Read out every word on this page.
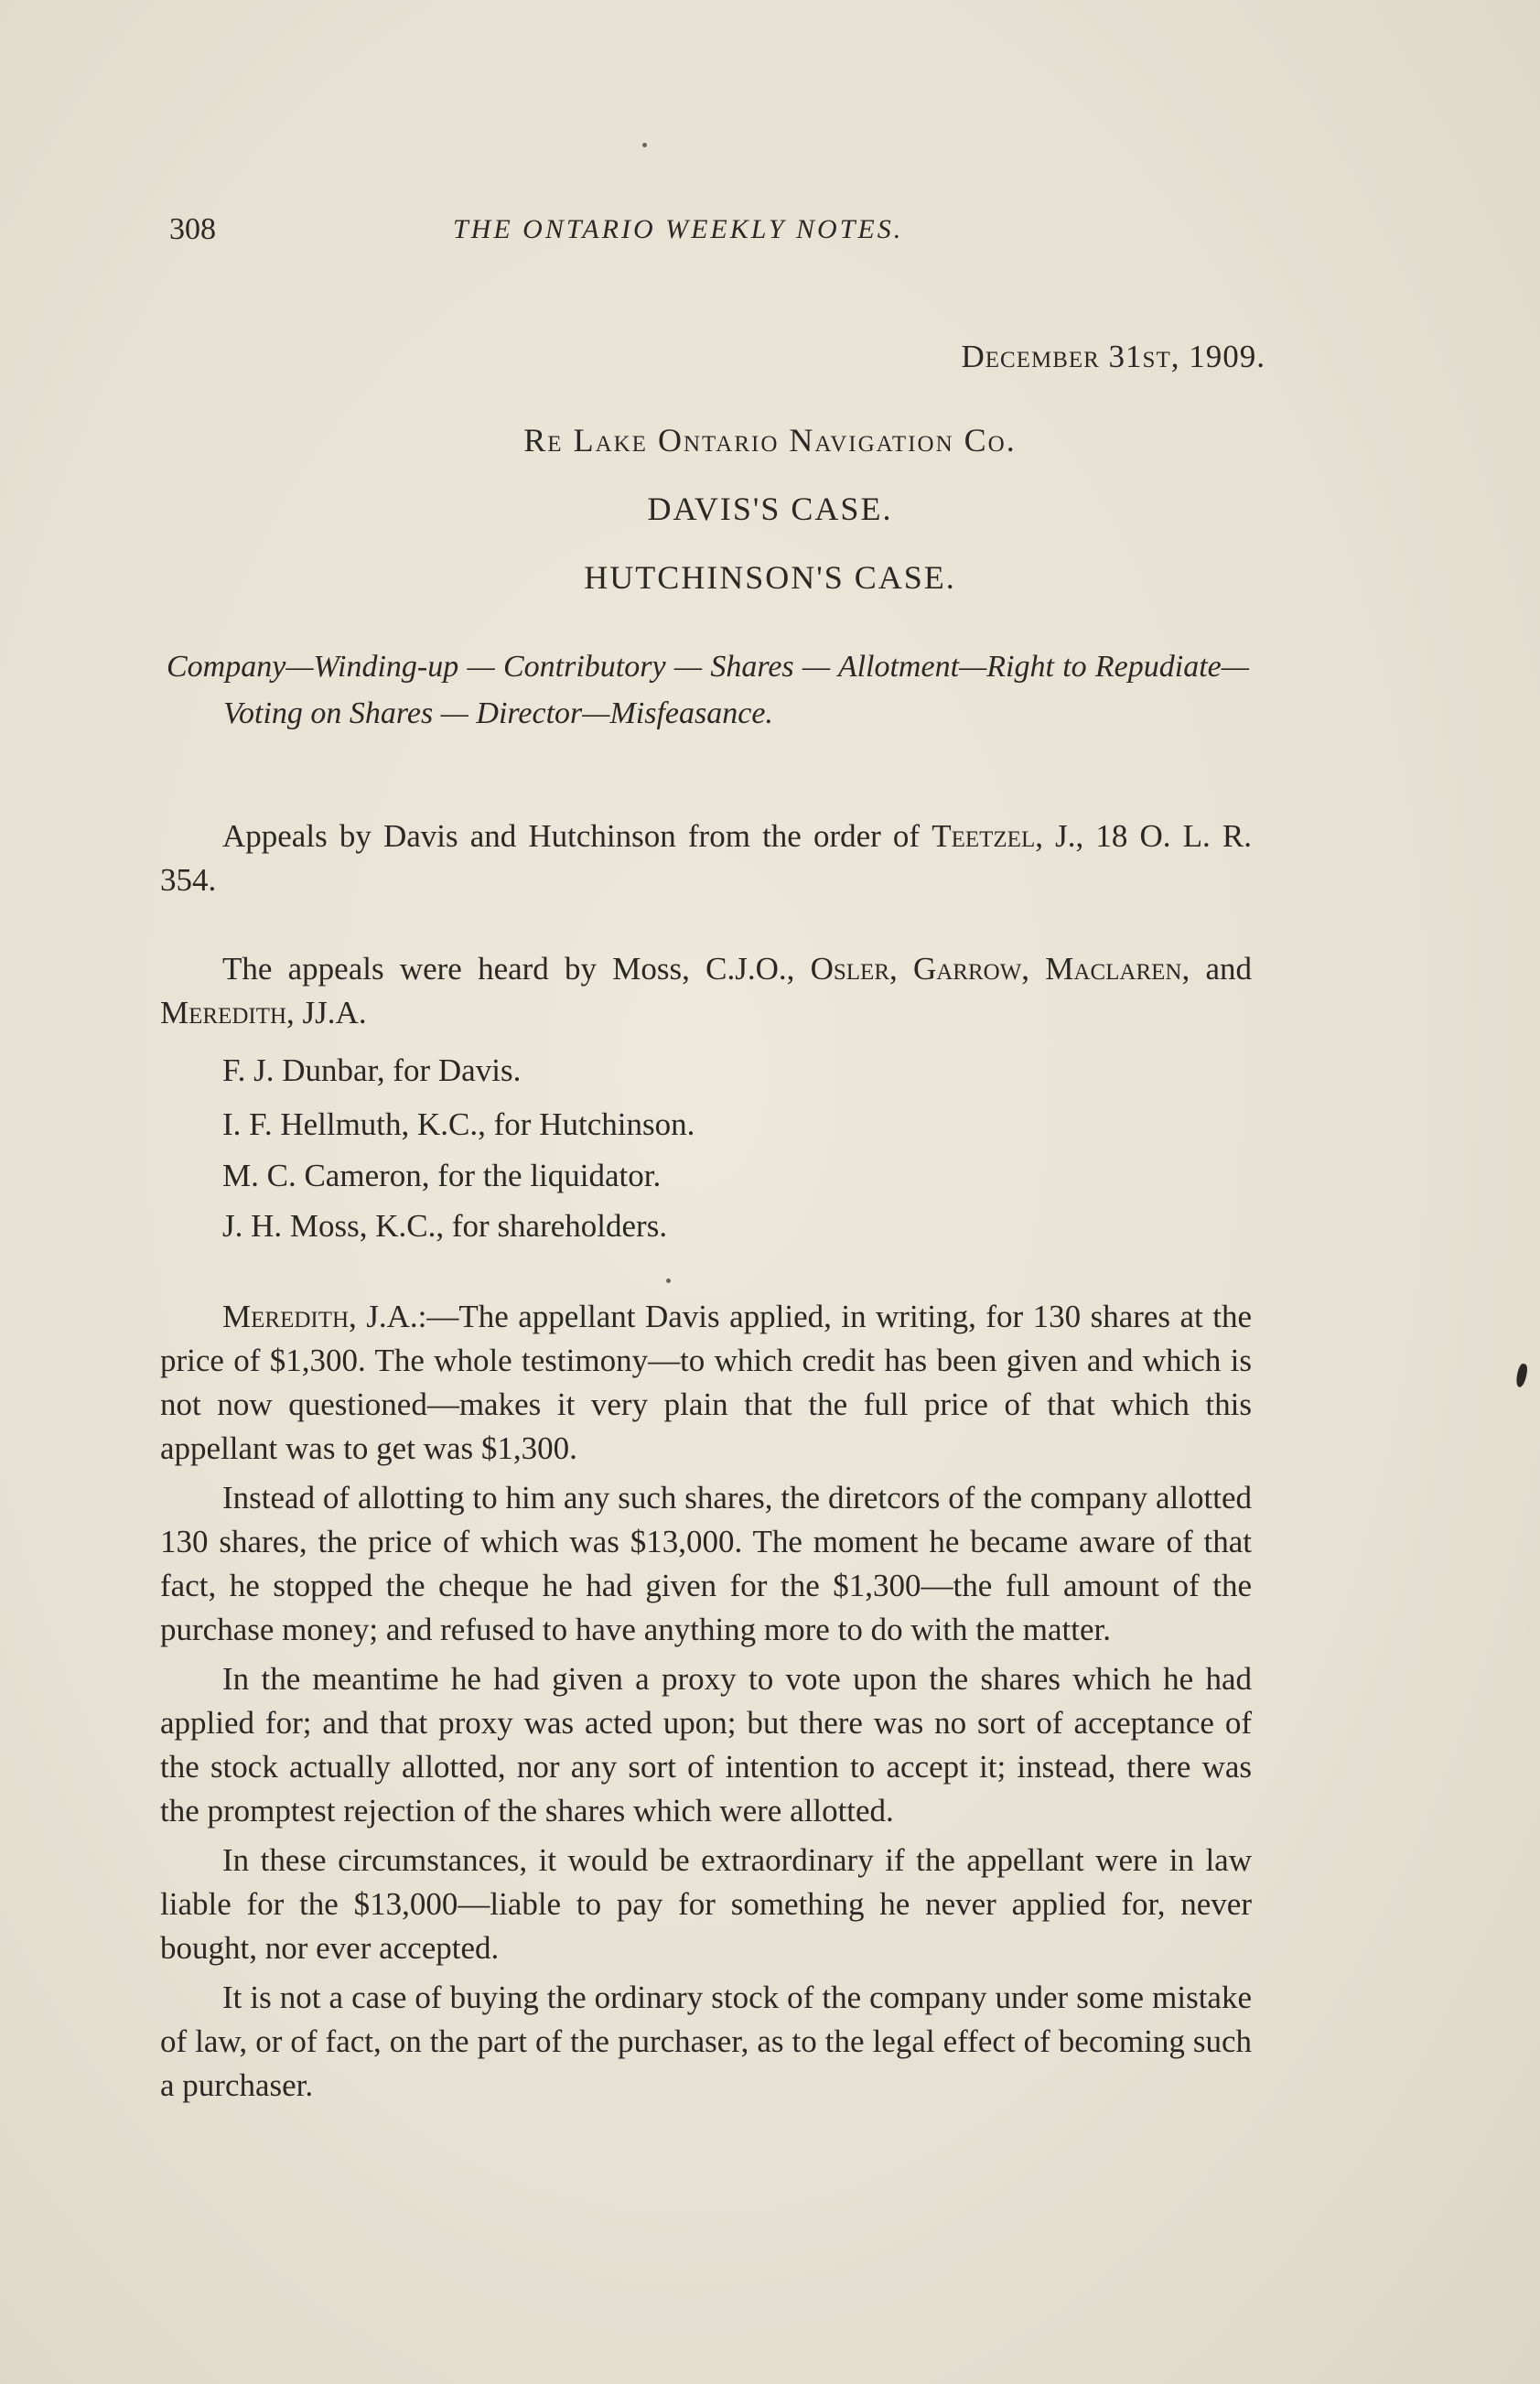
308	THE ONTARIO WEEKLY NOTES.
December 31st, 1909.
Re Lake Ontario Navigation Co.
DAVIS'S CASE.
HUTCHINSON'S CASE.
Company—Winding-up — Contributory — Shares — Allotment—Right to Repudiate—Voting on Shares — Director—Misfeasance.
Appeals by Davis and Hutchinson from the order of Teetzel, J., 18 O. L. R. 354.
The appeals were heard by Moss, C.J.O., Osler, Garrow, Maclaren, and Meredith, JJ.A.
F. J. Dunbar, for Davis.
I. F. Hellmuth, K.C., for Hutchinson.
M. C. Cameron, for the liquidator.
J. H. Moss, K.C., for shareholders.

Meredith, J.A.:—The appellant Davis applied, in writing, for 130 shares at the price of $1,300. The whole testimony—to which credit has been given and which is not now questioned—makes it very plain that the full price of that which this appellant was to get was $1,300.

Instead of allotting to him any such shares, the diretcors of the company allotted 130 shares, the price of which was $13,000. The moment he became aware of that fact, he stopped the cheque he had given for the $1,300—the full amount of the purchase money; and refused to have anything more to do with the matter.

In the meantime he had given a proxy to vote upon the shares which he had applied for; and that proxy was acted upon; but there was no sort of acceptance of the stock actually allotted, nor any sort of intention to accept it; instead, there was the promptest rejection of the shares which were allotted.

In these circumstances, it would be extraordinary if the appellant were in law liable for the $13,000—liable to pay for something he never applied for, never bought, nor ever accepted.

It is not a case of buying the ordinary stock of the company under some mistake of law, or of fact, on the part of the purchaser, as to the legal effect of becoming such a purchaser.
